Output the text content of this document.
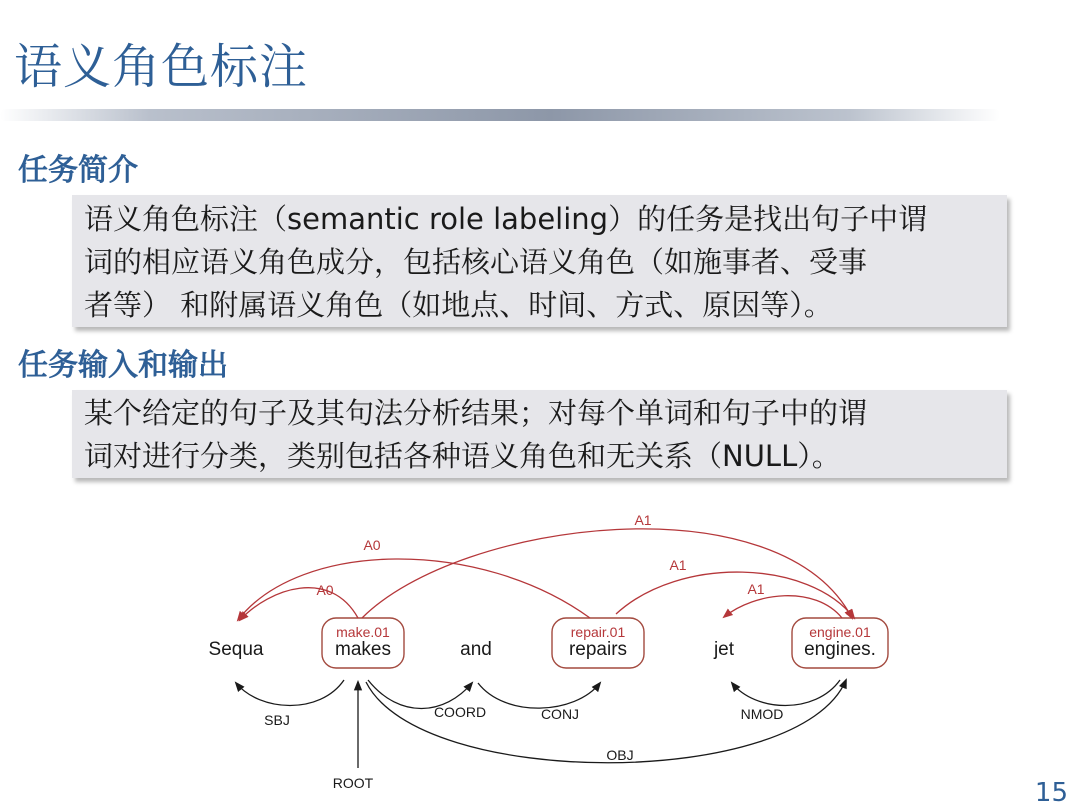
语义角色标注
任务简介
语义角色标注（semantic role labeling）的任务是找出句子中谓
词的相应语义角色成分，包括核心语义角色（如施事者、受事
者等） 和附属语义角色（如地点、时间、方式、原因等）。
任务输入和输出
某个给定的句子及其句法分析结果；对每个单词和句子中的谓
词对进行分类，类别包括各种语义角色和无关系（NULL）。
make.01	repair.01	engine.01
Sequa	makes	and	repairs	jet	engines.
A0
A0
A1
A1
A1
SBJ	COORD	CONJ	NMOD
OBJ
ROOT	15
